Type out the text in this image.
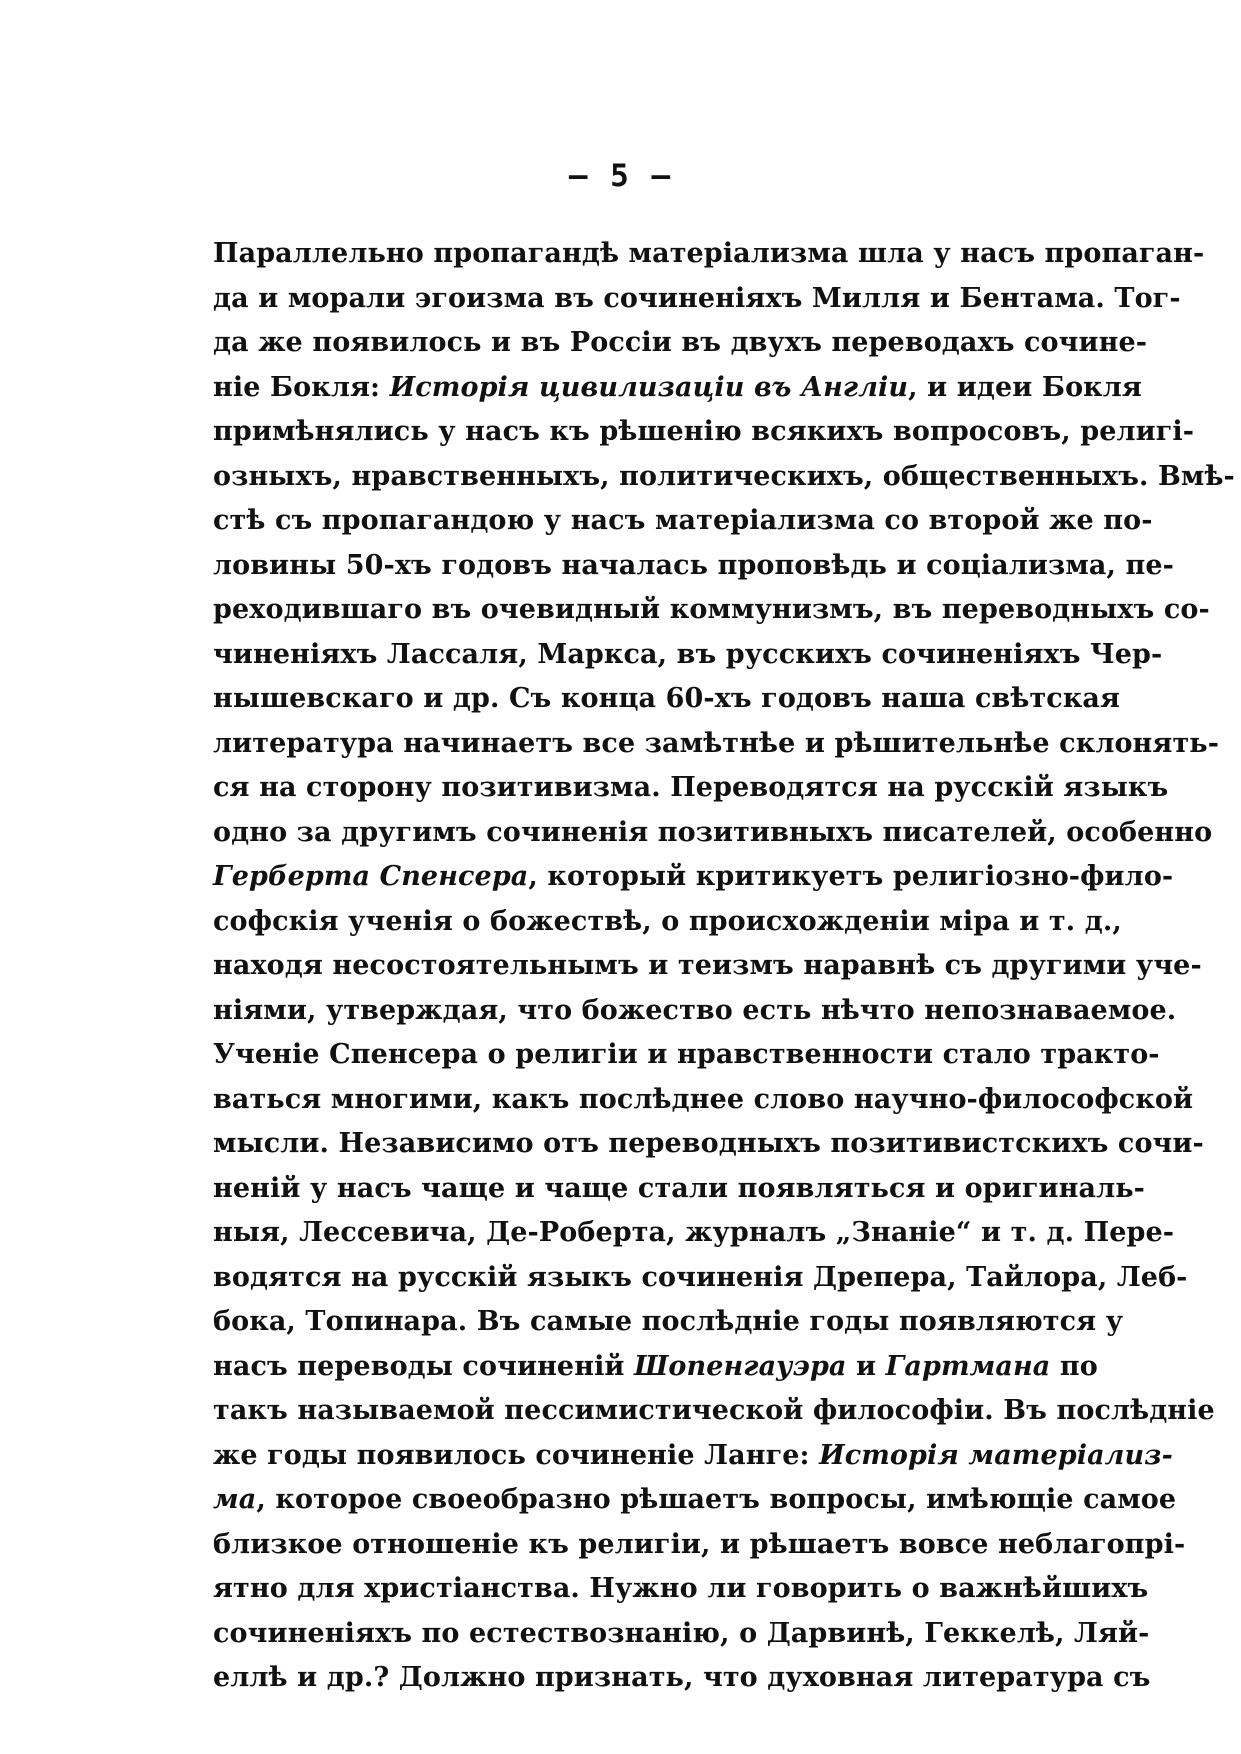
— 5 —
Параллельно пропагандѣ матеріализма шла у насъ пропаган-
да и морали эгоизма въ сочиненіяхъ Милля и Бентама. Тог-
да же появилось и въ Россіи въ двухъ переводахъ сочине-
ніе Бокля: Исторія цивилизаціи въ Англіи, и идеи Бокля
примѣнялись у насъ къ рѣшенію всякихъ вопросовъ, религі-
озныхъ, нравственныхъ, политическихъ, общественныхъ. Вмѣ-
стѣ съ пропагандою у насъ матеріализма со второй же по-
ловины 50-хъ годовъ началась проповѣдь и соціализма, пе-
реходившаго въ очевидный коммунизмъ, въ переводныхъ со-
чиненіяхъ Лассаля, Маркса, въ русскихъ сочиненіяхъ Чер-
нышевскаго и др. Съ конца 60-хъ годовъ наша свѣтская
литература начинаетъ все замѣтнѣе и рѣшительнѣе склонять-
ся на сторону позитивизма. Переводятся на русскій языкъ
одно за другимъ сочиненія позитивныхъ писателей, особенно
Герберта Спенсера, который критикуетъ религіозно-фило-
софскія ученія о божествѣ, о происхожденіи міра и т. д.,
находя несостоятельнымъ и теизмъ наравнѣ съ другими уче-
ніями, утверждая, что божество есть нѣчто непознаваемое.
Ученіе Спенсера о религіи и нравственности стало тракто-
ваться многими, какъ послѣднее слово научно-философской
мысли. Независимо отъ переводныхъ позитивистскихъ сочи-
неній у насъ чаще и чаще стали появляться и оригиналь-
ныя, Лессевича, Де-Роберта, журналъ „Знаніе“ и т. д. Пере-
водятся на русскій языкъ сочиненія Дрепера, Тайлора, Леб-
бока, Топинара. Въ самые послѣдніе годы появляются у
насъ переводы сочиненій Шопенгауэра и Гартмана по
такъ называемой пессимистической философіи. Въ послѣдніе
же годы появилось сочиненіе Ланге: Исторія матеріализ-
ма, которое своеобразно рѣшаетъ вопросы, имѣющіе самое
близкое отношеніе къ религіи, и рѣшаетъ вовсе неблагопрі-
ятно для христіанства. Нужно ли говорить о важнѣйшихъ
сочиненіяхъ по естествознанію, о Дарвинѣ, Геккелѣ, Ляй-
еллѣ и др.? Должно признать, что духовная литература съ
